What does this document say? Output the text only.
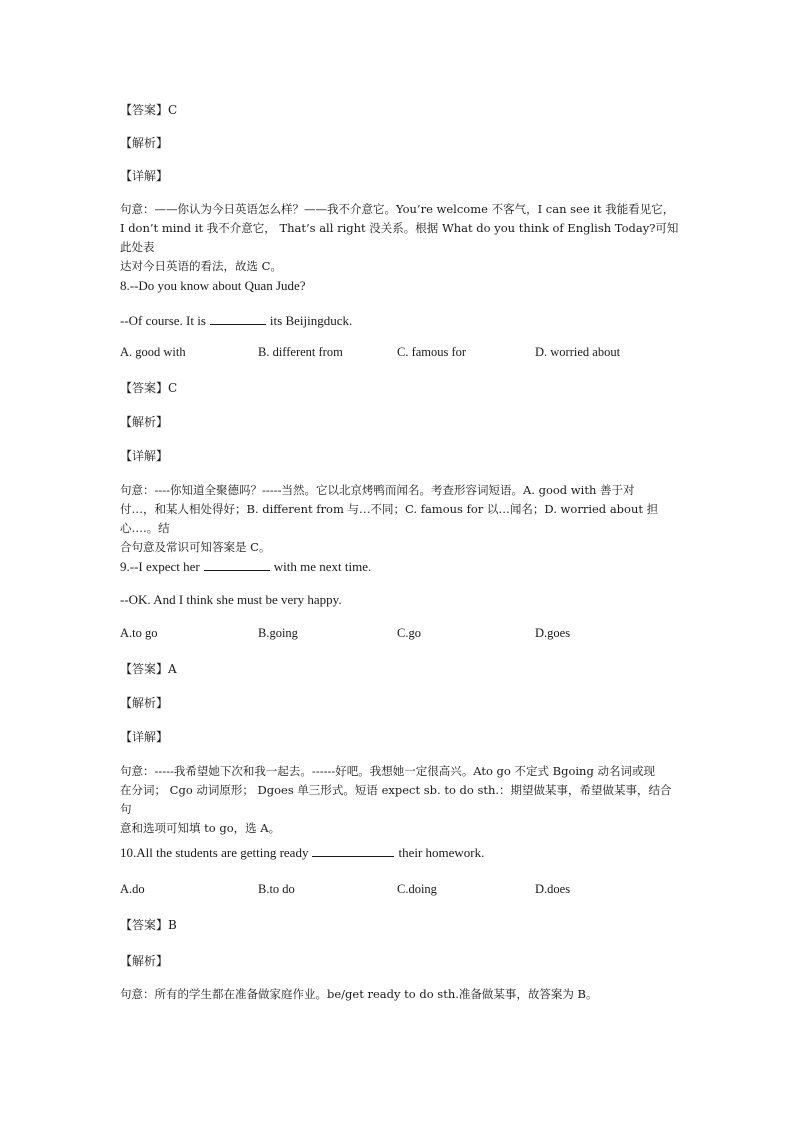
【答案】C
【解析】
【详解】
句意：——你认为今日英语怎么样？——我不介意它。You’re welcome 不客气，I can see it 我能看见它，
I don’t mind it 我不介意它， That’s all right 没关系。根据 What do you think of English Today?可知此处表
达对今日英语的看法，故选 C。
8.--Do you know about Quan Jude?
--Of course. It is	its Beijingduck.
A. good with	B. different from	C. famous for	D. worried about
【答案】C
【解析】
【详解】
句意：----你知道全聚德吗？-----当然。它以北京烤鸭而闻名。考查形容词短语。A. good with 善于对
付…，和某人相处得好；B. different from 与…不同；C. famous for 以…闻名；D. worried about 担心….。结
合句意及常识可知答案是 C。
9.--I expect her	with me next time.
--OK. And I think she must be very happy.
A.to go	B.going	C.go	D.goes
【答案】A
【解析】
【详解】
句意：-----我希望她下次和我一起去。------好吧。我想她一定很高兴。Ato go 不定式 Bgoing 动名词或现
在分词； Cgo 动词原形； Dgoes 单三形式。短语 expect sb. to do sth.：期望做某事，希望做某事，结合句
意和选项可知填 to go，选 A。
10.All the students are getting ready	their homework.
A.do	B.to do	C.doing	D.does
【答案】B
【解析】
句意：所有的学生都在准备做家庭作业。be/get ready to do sth.准备做某事，故答案为 B。
